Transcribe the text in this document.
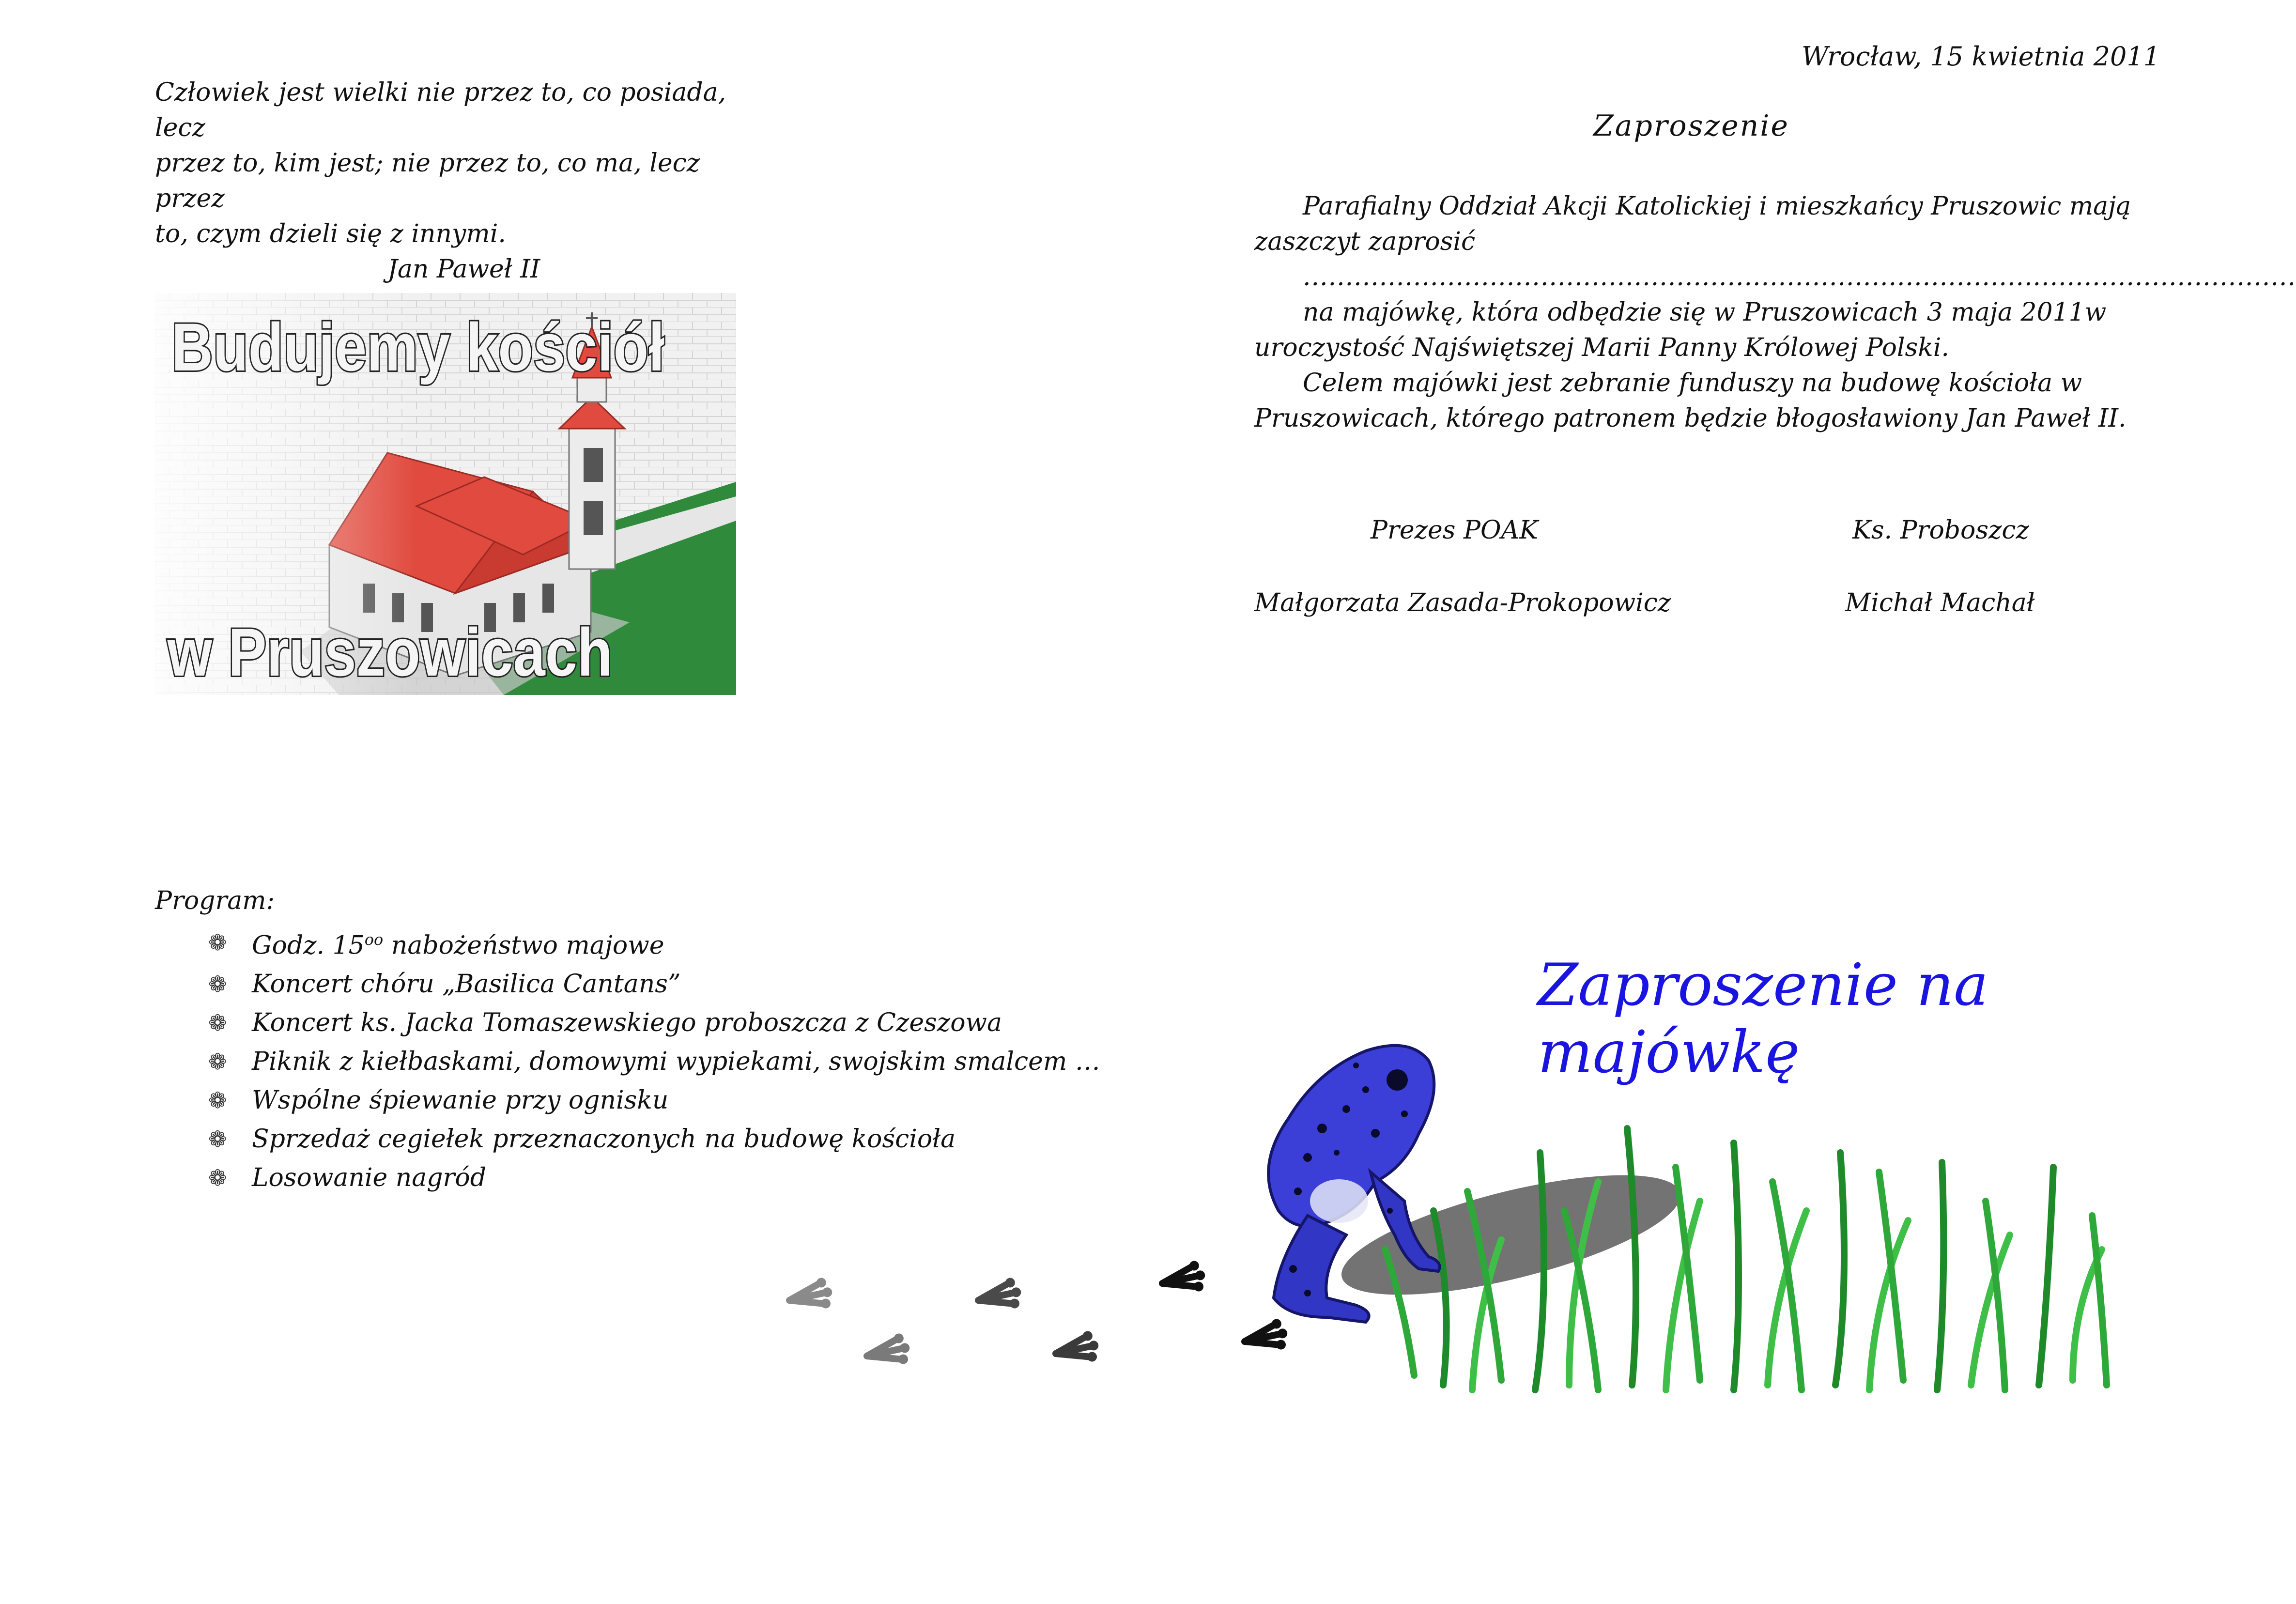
Człowiek jest wielki nie przez to, co posiada, lecz
przez to, kim jest; nie przez to, co ma, lecz przez
to, czym dzieli się z innymi.

Jan Paweł II
Budujemy kościół
w Pruszowicach
Wrocław, 15 kwietnia 2011
Zaproszenie

Parafialny Oddział Akcji Katolickiej i mieszkańcy Pruszowic mają zaszczyt zaprosić

.....................................................................................................................

na majówkę, która odbędzie się w Pruszowicach 3 maja 2011w uroczystość Najświętszej Marii Panny Królowej Polski.

Celem majówki jest zebranie funduszy na budowę kościoła w Pruszowicach, którego patronem będzie błogosławiony Jan Paweł II.

Prezes POAK
Małgorzata Zasada-Prokopowicz
Ks. Proboszcz
Michał Machał
Program:
❁ Godz. $15^{oo}$ nabożeństwo majowe
❁ Koncert chóru „Basilica Cantans”
❁ Koncert ks. Jacka Tomaszewskiego proboszcza z Czeszowa
❁ Piknik z kiełbaskami, domowymi wypiekami, swojskim smalcem …
❁ Wspólne śpiewanie przy ognisku
❁ Sprzedaż cegiełek przeznaczonych na budowę kościoła
❁ Losowanie nagród
Zaproszenie na majówkę
